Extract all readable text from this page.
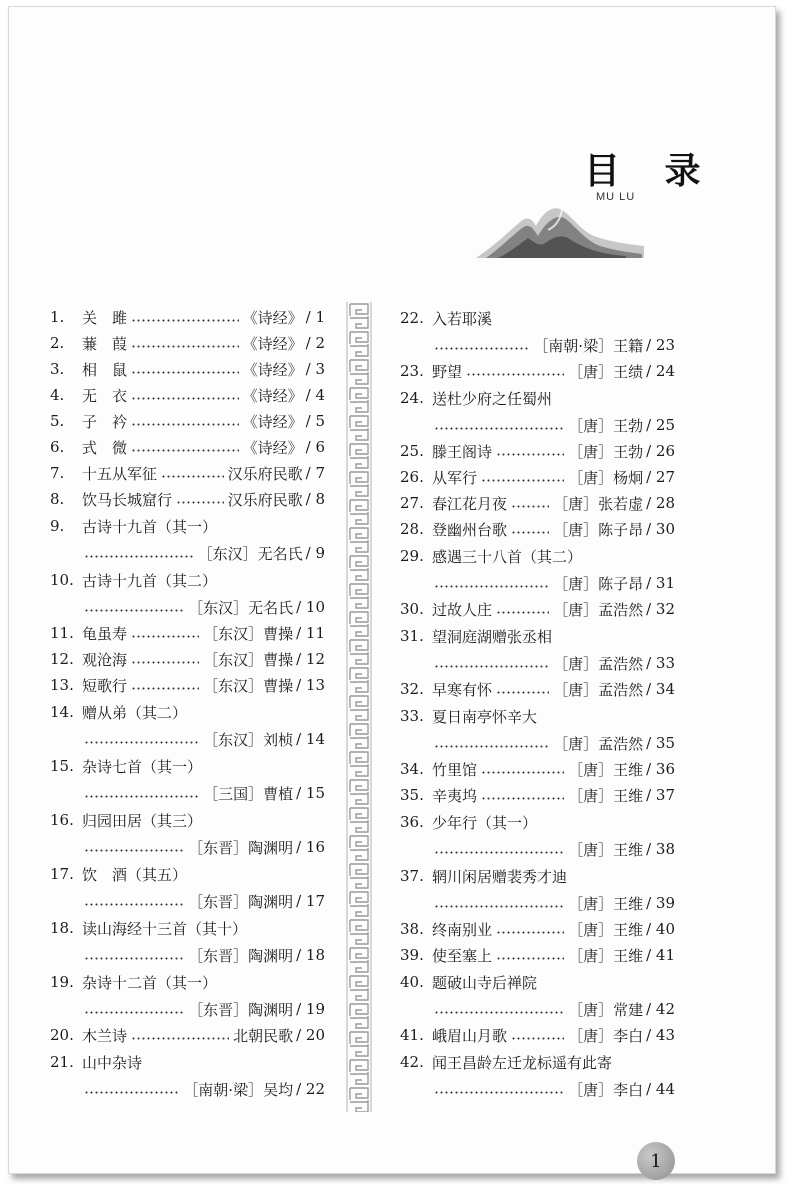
目 录
MU LU
1.	关　雎	《诗经》 / 1
2.	蒹　葭	《诗经》 / 2
3.	相　鼠	《诗经》 / 3
4.	无　衣	《诗经》 / 4
5.	子　衿	《诗经》 / 5
6.	式　微	《诗经》 / 6
7.	十五从军征	汉乐府民歌 / 7
8.	饮马长城窟行	汉乐府民歌 / 8
9.	古诗十九首（其一）
［东汉］无名氏 / 9
10. 古诗十九首（其二）
［东汉］无名氏 / 10
11. 龟虽寿	［东汉］曹操 / 11
12. 观沧海	［东汉］曹操 / 12
13. 短歌行	［东汉］曹操 / 13
14. 赠从弟（其二）
［东汉］刘桢 / 14
15. 杂诗七首（其一）
［三国］曹植 / 15
16. 归园田居（其三）
［东晋］陶渊明 / 16
17. 饮　酒（其五）
［东晋］陶渊明 / 17
18. 读山海经十三首（其十）
［东晋］陶渊明 / 18
19. 杂诗十二首（其一）
［东晋］陶渊明 / 19
20. 木兰诗	北朝民歌 / 20
21. 山中杂诗
［南朝·梁］吴均 / 22
22. 入若耶溪
［南朝·梁］王籍 / 23
23. 野望	［唐］王绩 / 24
24. 送杜少府之任蜀州
［唐］王勃 / 25
25. 滕王阁诗	［唐］王勃 / 26
26. 从军行	［唐］杨炯 / 27
27. 春江花月夜	［唐］张若虚 / 28
28. 登幽州台歌	［唐］陈子昂 / 30
29. 感遇三十八首（其二）
［唐］陈子昂 / 31
30. 过故人庄	［唐］孟浩然 / 32
31. 望洞庭湖赠张丞相
［唐］孟浩然 / 33
32. 早寒有怀	［唐］孟浩然 / 34
33. 夏日南亭怀辛大
［唐］孟浩然 / 35
34. 竹里馆	［唐］王维 / 36
35. 辛夷坞	［唐］王维 / 37
36. 少年行（其一）
［唐］王维 / 38
37. 辋川闲居赠裴秀才迪
［唐］王维 / 39
38. 终南别业	［唐］王维 / 40
39. 使至塞上	［唐］王维 / 41
40. 题破山寺后禅院
［唐］常建 / 42
41. 峨眉山月歌	［唐］李白 / 43
42. 闻王昌龄左迁龙标遥有此寄
［唐］李白 / 44
1
